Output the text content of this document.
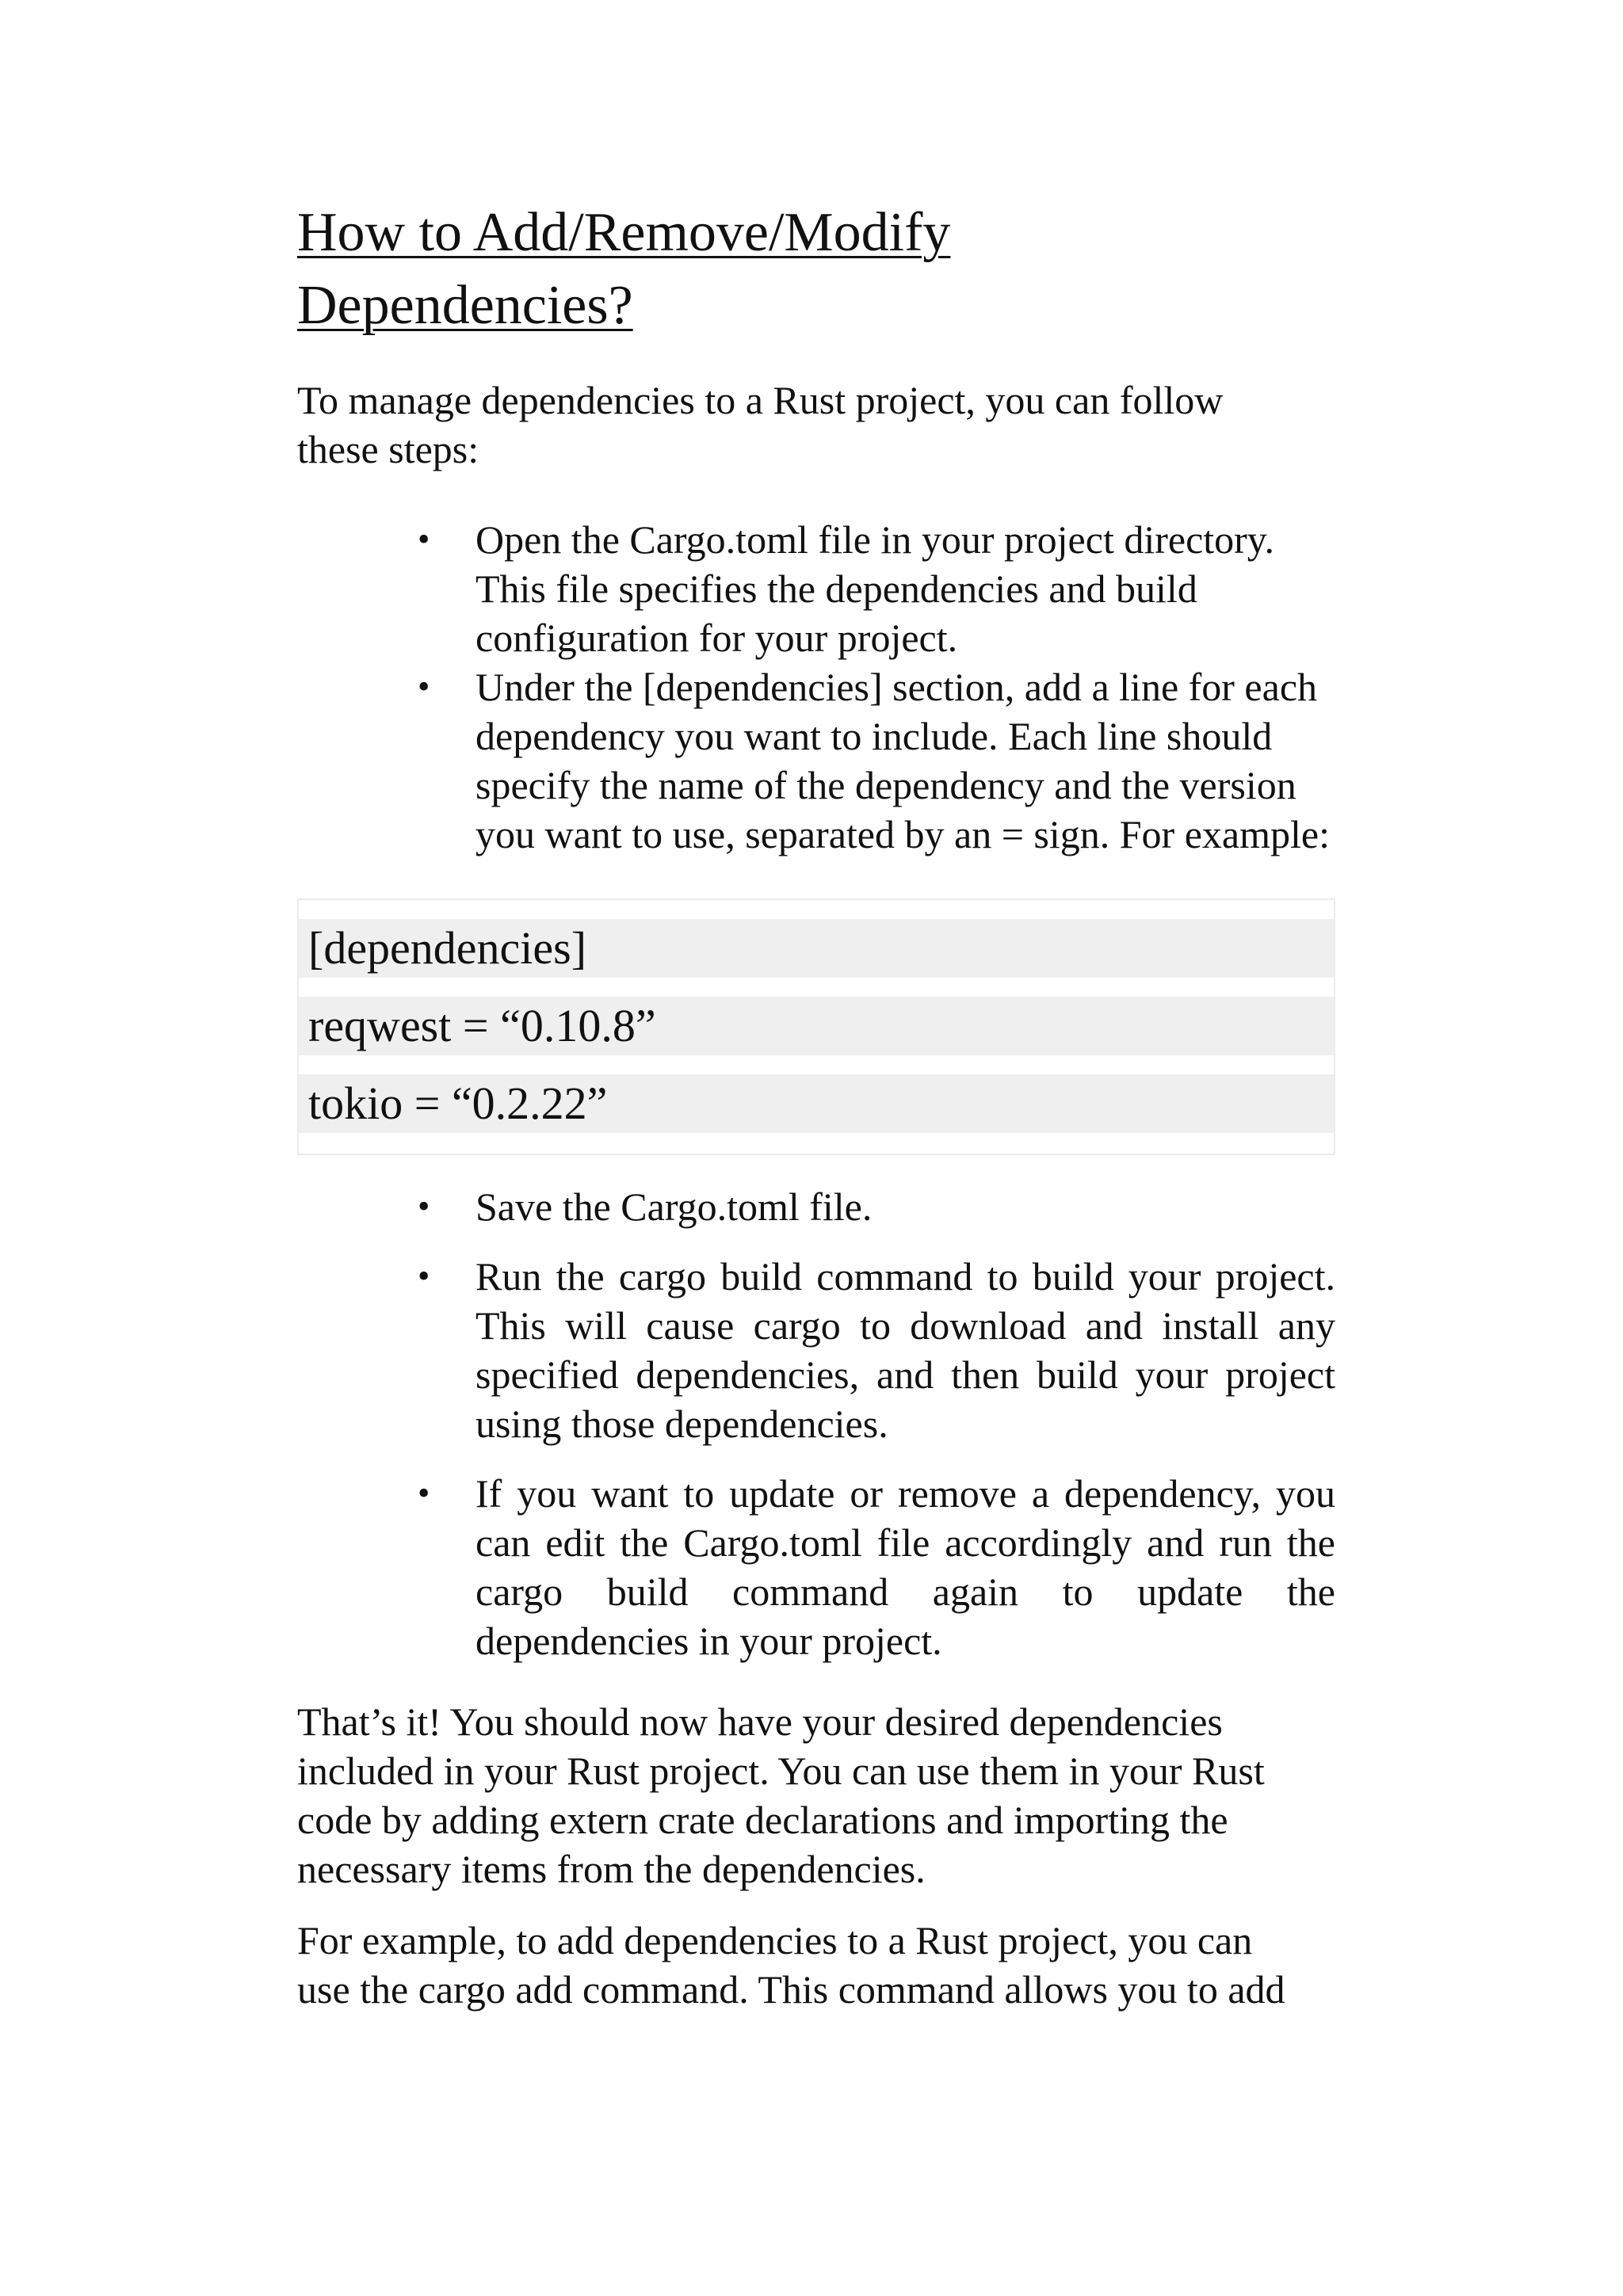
How to Add/Remove/Modify Dependencies?

To manage dependencies to a Rust project, you can follow these steps:

• Open the Cargo.toml file in your project directory. This file specifies the dependencies and build configuration for your project.
• Under the [dependencies] section, add a line for each dependency you want to include. Each line should specify the name of the dependency and the version you want to use, separated by an = sign. For example:
[dependencies]
reqwest = “0.10.8”
tokio = “0.2.22”
• Save the Cargo.toml file.
• Run the cargo build command to build your project. This will cause cargo to download and install any specified dependencies, and then build your project using those dependencies.
• If you want to update or remove a dependency, you can edit the Cargo.toml file accordingly and run the cargo build command again to update the dependencies in your project.

That’s it! You should now have your desired dependencies included in your Rust project. You can use them in your Rust code by adding extern crate declarations and importing the necessary items from the dependencies.

For example, to add dependencies to a Rust project, you can use the cargo add command. This command allows you to add
